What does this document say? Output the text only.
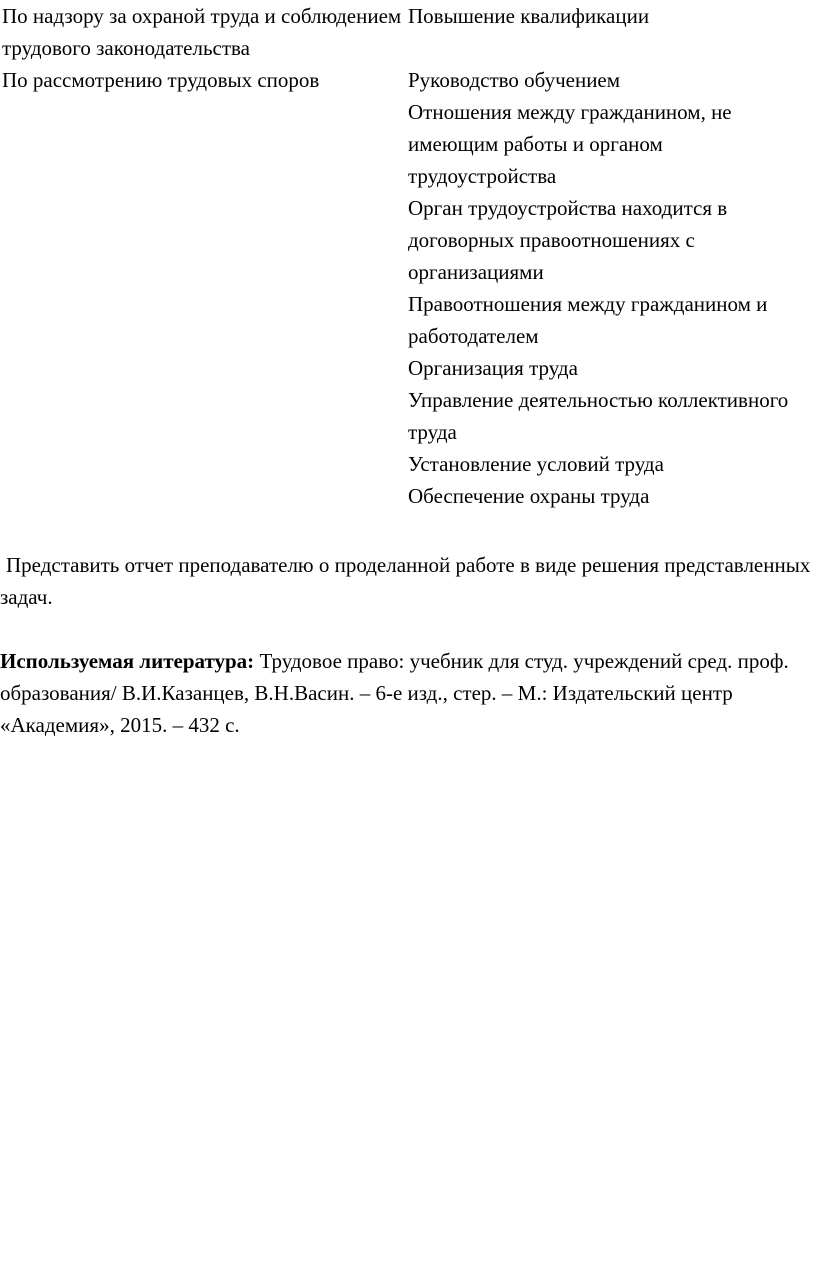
По надзору за охраной труда и соблюдением трудового законодательства
Повышение квалификации
По рассмотрению трудовых споров	Руководство обучением
Отношения между гражданином, не имеющим работы и органом трудоустройства
Орган трудоустройства находится в договорных правоотношениях с организациями
Правоотношения между гражданином и работодателем
Организация труда
Управление деятельностью коллективного труда
Установление условий труда
Обеспечение охраны труда

Представить отчет преподавателю о проделанной работе в виде решения представленных задач.

Используемая литература: Трудовое право: учебник для студ. учреждений сред. проф. образования/ В.И.Казанцев, В.Н.Васин. – 6-е изд., стер. – М.: Издательский центр «Академия», 2015. – 432 с.
